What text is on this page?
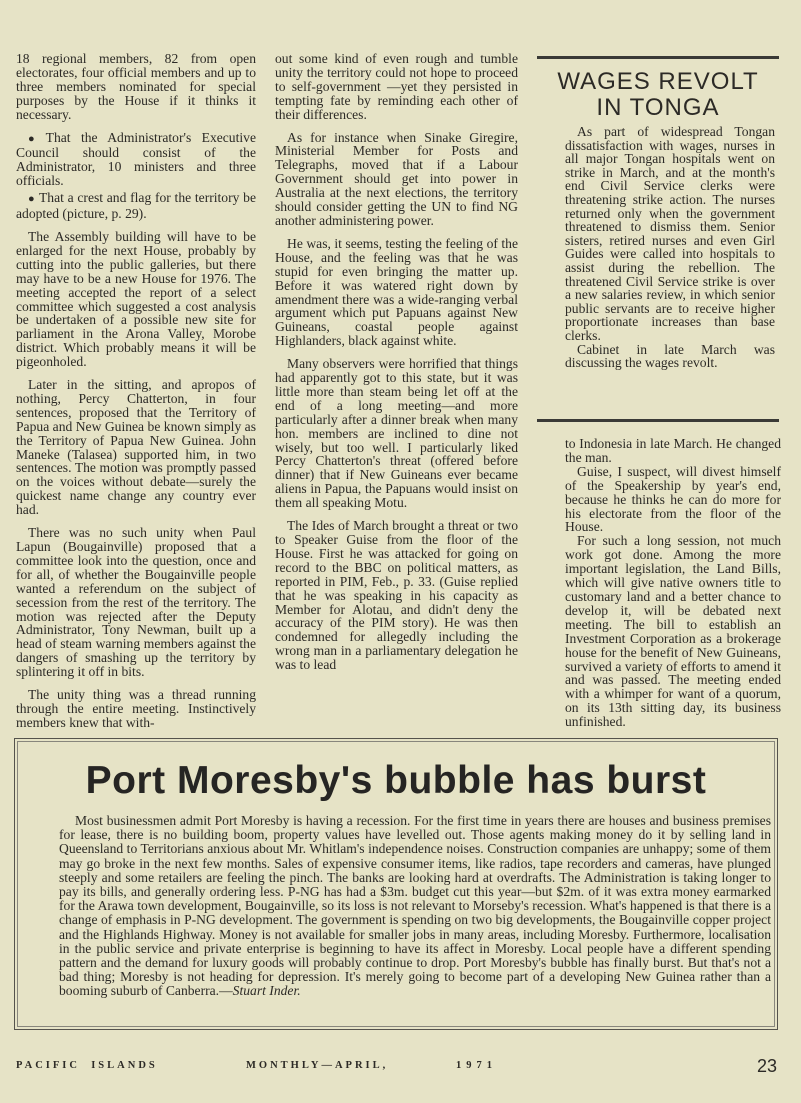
18 regional members, 82 from open electorates, four official members and up to three members nominated for special purposes by the House if it thinks it necessary.

● That the Administrator's Executive Council should consist of the Administrator, 10 ministers and three officials.

● That a crest and flag for the territory be adopted (picture, p. 29).

The Assembly building will have to be enlarged for the next House, probably by cutting into the public galleries, but there may have to be a new House for 1976. The meeting accepted the report of a select committee which suggested a cost analysis be undertaken of a possible new site for parliament in the Arona Valley, Morobe district. Which probably means it will be pigeonholed.

Later in the sitting, and apropos of nothing, Percy Chatterton, in four sentences, proposed that the Territory of Papua and New Guinea be known simply as the Territory of Papua New Guinea. John Maneke (Talasea) supported him, in two sentences. The motion was promptly passed on the voices without debate—surely the quickest name change any country ever had.

There was no such unity when Paul Lapun (Bougainville) proposed that a committee look into the question, once and for all, of whether the Bougainville people wanted a referendum on the subject of secession from the rest of the territory. The motion was rejected after the Deputy Administrator, Tony Newman, built up a head of steam warning members against the dangers of smashing up the territory by splintering it off in bits.

The unity thing was a thread running through the entire meeting. Instinctively members knew that with-

out some kind of even rough and tumble unity the territory could not hope to proceed to self-government —yet they persisted in tempting fate by reminding each other of their differences.

As for instance when Sinake Giregire, Ministerial Member for Posts and Telegraphs, moved that if a Labour Government should get into power in Australia at the next elections, the territory should consider getting the UN to find NG another administering power.

He was, it seems, testing the feeling of the House, and the feeling was that he was stupid for even bringing the matter up. Before it was watered right down by amendment there was a wide-ranging verbal argument which put Papuans against New Guineans, coastal people against Highlanders, black against white.

Many observers were horrified that things had apparently got to this state, but it was little more than steam being let off at the end of a long meeting—and more particularly after a dinner break when many hon. members are inclined to dine not wisely, but too well. I particularly liked Percy Chatterton's threat (offered before dinner) that if New Guineans ever became aliens in Papua, the Papuans would insist on them all speaking Motu.

The Ides of March brought a threat or two to Speaker Guise from the floor of the House. First he was attacked for going on record to the BBC on political matters, as reported in PIM, Feb., p. 33. (Guise replied that he was speaking in his capacity as Member for Alotau, and didn't deny the accuracy of the PIM story). He was then condemned for allegedly including the wrong man in a parliamentary delegation he was to lead

WAGES REVOLT
IN TONGA

As part of widespread Tongan dissatisfaction with wages, nurses in all major Tongan hospitals went on strike in March, and at the month's end Civil Service clerks were threatening strike action. The nurses returned only when the government threatened to dismiss them. Senior sisters, retired nurses and even Girl Guides were called into hospitals to assist during the rebellion. The threatened Civil Service strike is over a new salaries review, in which senior public servants are to receive higher proportionate increases than base clerks.

Cabinet in late March was discussing the wages revolt.

to Indonesia in late March. He changed the man.

Guise, I suspect, will divest himself of the Speakership by year's end, because he thinks he can do more for his electorate from the floor of the House.

For such a long session, not much work got done. Among the more important legislation, the Land Bills, which will give native owners title to customary land and a better chance to develop it, will be debated next meeting. The bill to establish an Investment Corporation as a brokerage house for the benefit of New Guineans, survived a variety of efforts to amend it and was passed. The meeting ended with a whimper for want of a quorum, on its 13th sitting day, its business unfinished.

Port Moresby's bubble has burst

Most businessmen admit Port Moresby is having a recession. For the first time in years there are houses and business premises for lease, there is no building boom, property values have levelled out. Those agents making money do it by selling land in Queensland to Territorians anxious about Mr. Whitlam's independence noises. Construction companies are unhappy; some of them may go broke in the next few months. Sales of expensive consumer items, like radios, tape recorders and cameras, have plunged steeply and some retailers are feeling the pinch. The banks are looking hard at overdrafts. The Administration is taking longer to pay its bills, and generally ordering less. P-NG has had a $3m. budget cut this year—but $2m. of it was extra money earmarked for the Arawa town development, Bougainville, so its loss is not relevant to Morseby's recession. What's happened is that there is a change of emphasis in P-NG development. The government is spending on two big developments, the Bougainville copper project and the Highlands Highway. Money is not available for smaller jobs in many areas, including Moresby. Furthermore, localisation in the public service and private enterprise is beginning to have its affect in Moresby. Local people have a different spending pattern and the demand for luxury goods will probably continue to drop. Port Moresby's bubble has finally burst. But that's not a bad thing; Moresby is not heading for depression. It's merely going to become part of a developing New Guinea rather than a booming suburb of Canberra.—Stuart Inder.

PACIFIC  ISLANDS	MONTHLY—APRIL,	1971	23
